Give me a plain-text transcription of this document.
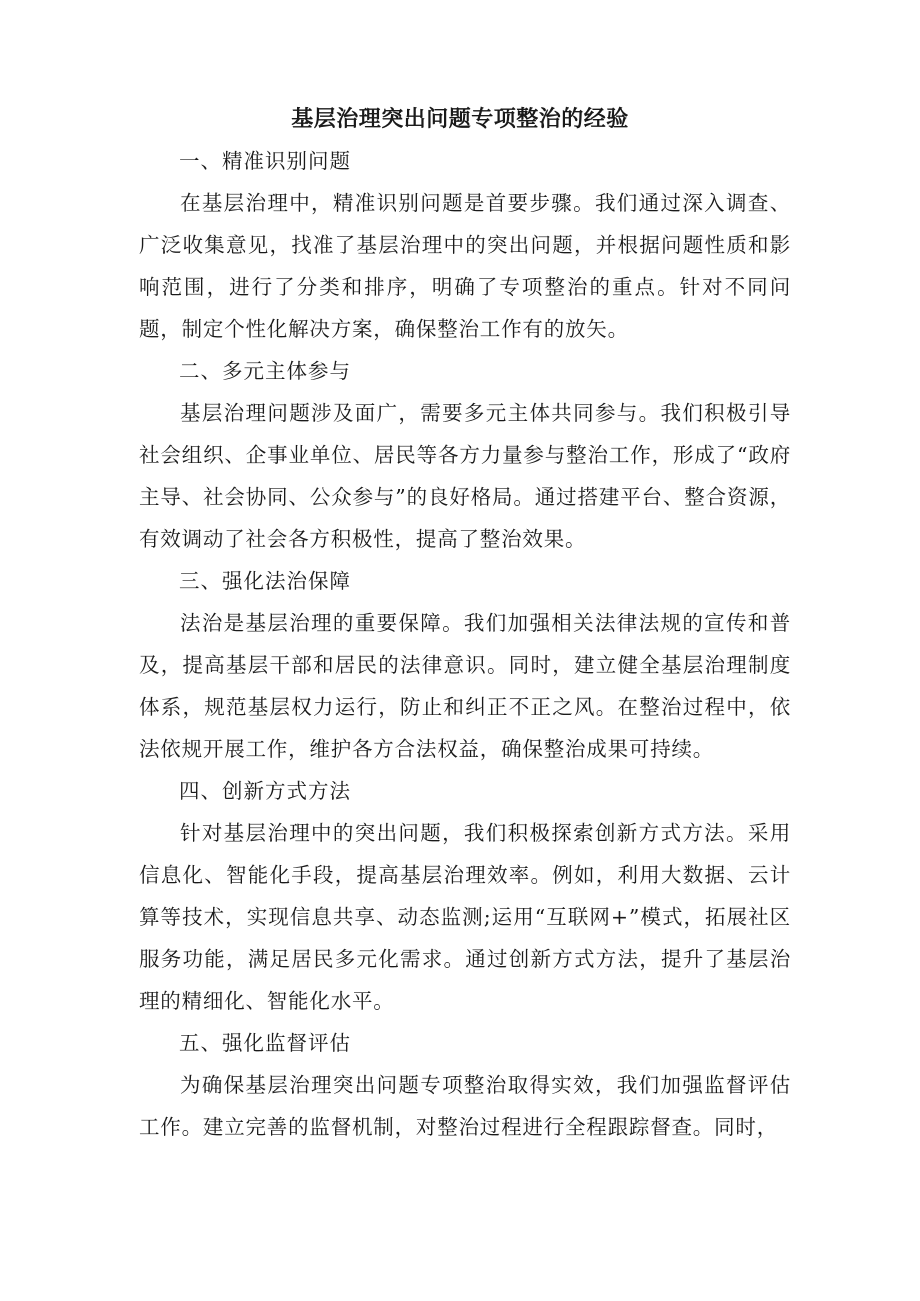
基层治理突出问题专项整治的经验

一、精准识别问题

在基层治理中，精准识别问题是首要步骤。我们通过深入调查、广泛收集意见，找准了基层治理中的突出问题，并根据问题性质和影响范围，进行了分类和排序，明确了专项整治的重点。针对不同问题，制定个性化解决方案，确保整治工作有的放矢。

二、多元主体参与

基层治理问题涉及面广，需要多元主体共同参与。我们积极引导社会组织、企事业单位、居民等各方力量参与整治工作，形成了“政府主导、社会协同、公众参与”的良好格局。通过搭建平台、整合资源，有效调动了社会各方积极性，提高了整治效果。

三、强化法治保障

法治是基层治理的重要保障。我们加强相关法律法规的宣传和普及，提高基层干部和居民的法律意识。同时，建立健全基层治理制度体系，规范基层权力运行，防止和纠正不正之风。在整治过程中，依法依规开展工作，维护各方合法权益，确保整治成果可持续。

四、创新方式方法

针对基层治理中的突出问题，我们积极探索创新方式方法。采用信息化、智能化手段，提高基层治理效率。例如，利用大数据、云计算等技术，实现信息共享、动态监测;运用“互联网+”模式，拓展社区服务功能，满足居民多元化需求。通过创新方式方法，提升了基层治理的精细化、智能化水平。

五、强化监督评估

为确保基层治理突出问题专项整治取得实效，我们加强监督评估工作。建立完善的监督机制，对整治过程进行全程跟踪督查。同时，
